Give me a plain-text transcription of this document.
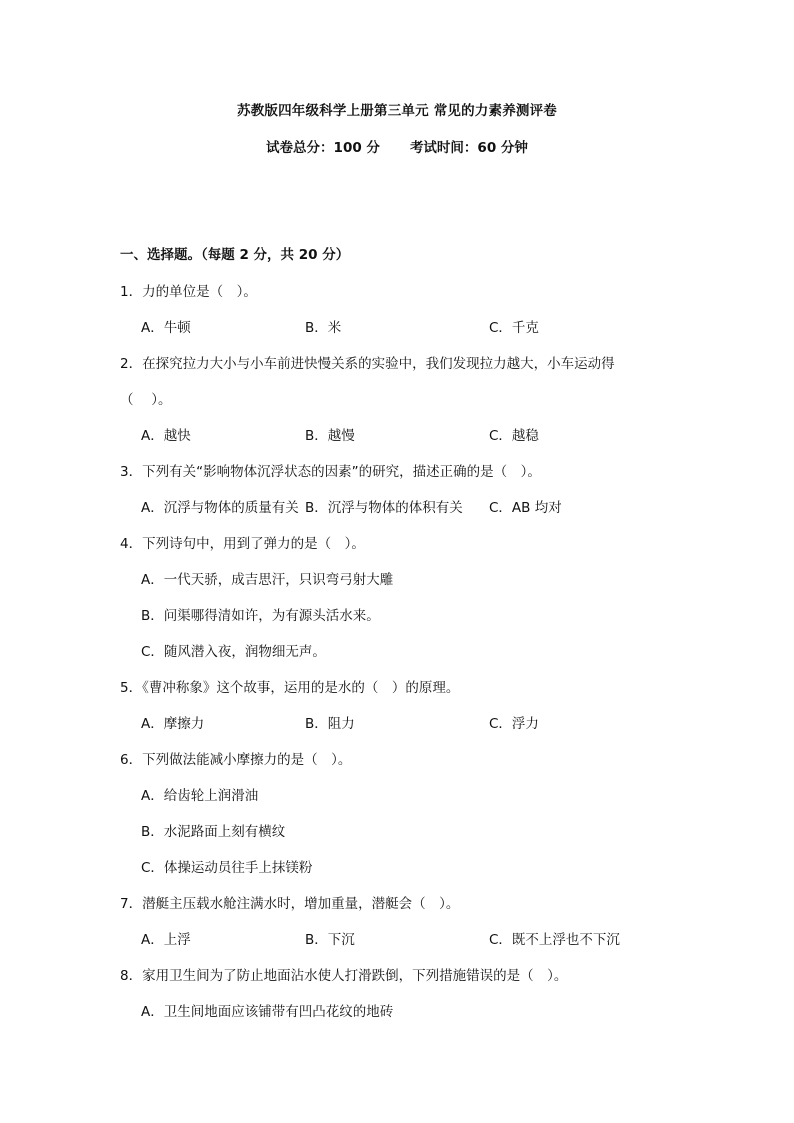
苏教版四年级科学上册第三单元 常见的力素养测评卷
试卷总分：100 分 考试时间：60 分钟
一、选择题。（每题 2 分，共 20 分）
1．力的单位是（　）。
A．牛顿	B．米	C．千克
2．在探究拉力大小与小车前进快慢关系的实验中，我们发现拉力越大，小车运动得
（　 ）。
A．越快	B．越慢	C．越稳
3．下列有关“影响物体沉浮状态的因素”的研究，描述正确的是（　）。
A．沉浮与物体的质量有关 B．沉浮与物体的体积有关 C．AB 均对
4．下列诗句中，用到了弹力的是（　）。
A．一代天骄，成吉思汗，只识弯弓射大雕
B．问渠哪得清如许，为有源头活水来。
C．随风潜入夜，润物细无声。
5．《曹冲称象》这个故事，运用的是水的（　）的原理。
A．摩擦力	B．阻力	C．浮力
6．下列做法能减小摩擦力的是（　）。
A．给齿轮上润滑油
B．水泥路面上刻有横纹
C．体操运动员往手上抹镁粉
7．潜艇主压载水舱注满水时，增加重量，潜艇会（　）。
A．上浮	B．下沉	C．既不上浮也不下沉
8．家用卫生间为了防止地面沾水使人打滑跌倒，下列措施错误的是（　）。
A．卫生间地面应该铺带有凹凸花纹的地砖
